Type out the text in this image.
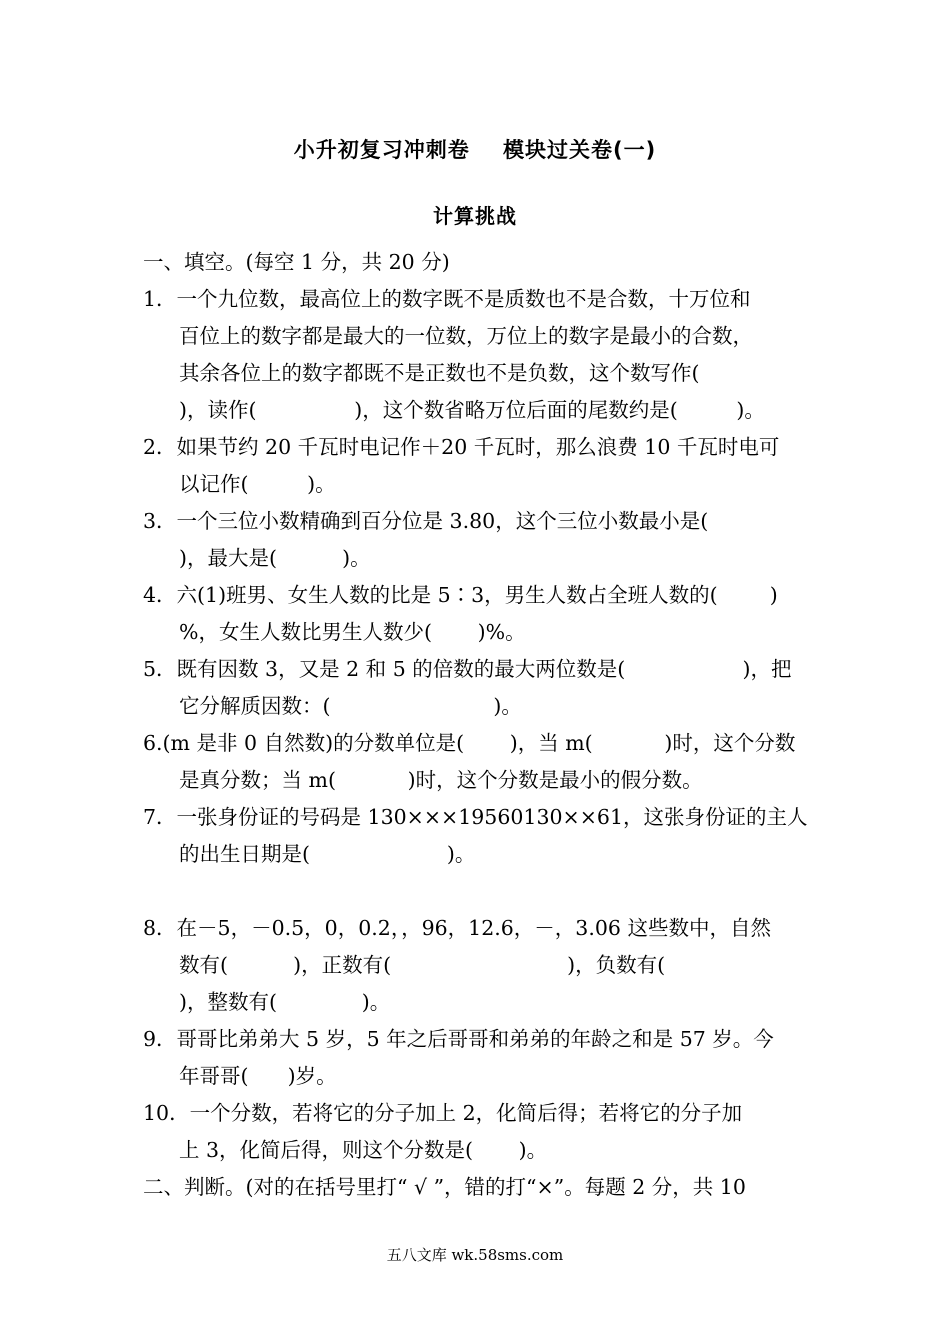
小升初复习冲刺卷    模块过关卷(一)
计算挑战
一、填空。(每空 1 分，共 20 分)
1．一个九位数，最高位上的数字既不是质数也不是合数，十万位和
百位上的数字都是最大的一位数，万位上的数字是最小的合数，
其余各位上的数字都既不是正数也不是负数，这个数写作(
)，读作(               )，这个数省略万位后面的尾数约是(         )。
2．如果节约 20 千瓦时电记作＋20 千瓦时，那么浪费 10 千瓦时电可
以记作(         )。
3．一个三位小数精确到百分位是 3.80，这个三位小数最小是(
)，最大是(          )。
4．六(1)班男、女生人数的比是 5∶3，男生人数占全班人数的(        )
%，女生人数比男生人数少(       )%。
5．既有因数 3，又是 2 和 5 的倍数的最大两位数是(                  )，把
它分解质因数：(                         )。
6.(m 是非 0 自然数)的分数单位是(       )，当 m(           )时，这个分数
是真分数；当 m(           )时，这个分数是最小的假分数。
7．一张身份证的号码是 130×××19560130××61，这张身份证的主人
的出生日期是(                     )。
8．在－5，－0.5，0，0.2，，96，12.6，－，3.06 这些数中，自然
数有(          )，正数有(                           )，负数有(
)，整数有(             )。
9．哥哥比弟弟大 5 岁，5 年之后哥哥和弟弟的年龄之和是 57 岁。今
年哥哥(      )岁。
10．一个分数，若将它的分子加上 2，化简后得；若将它的分子加
上 3，化简后得，则这个分数是(       )。
二、判断。(对的在括号里打“ √ ”，错的打“×”。每题 2 分，共 10
五八文库 wk.58sms.com
